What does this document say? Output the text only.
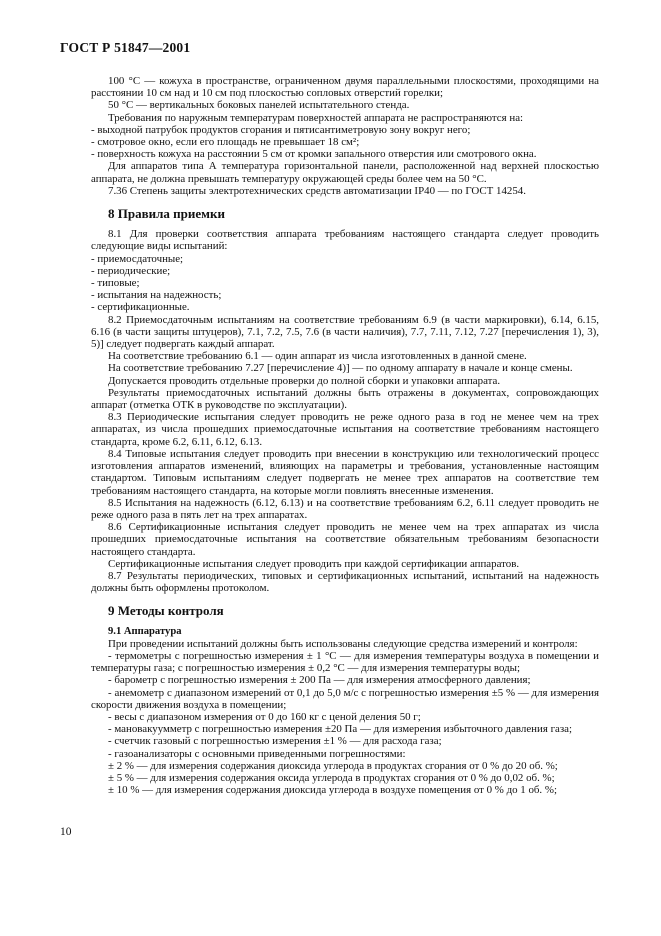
ГОСТ Р 51847—2001

100 °С — кожуха в пространстве, ограниченном двумя параллельными плоскостями, проходящими на расстоянии 10 см над и 10 см под плоскостью сопловых отверстий горелки;

50 °С — вертикальных боковых панелей испытательного стенда.

Требования по наружным температурам поверхностей аппарата не распространяются на:

- выходной патрубок продуктов сгорания и пятисантиметровую зону вокруг него;

- смотровое окно, если его площадь не превышает 18 см²;

- поверхность кожуха на расстоянии 5 см от кромки запального отверстия или смотрового окна.

Для аппаратов типа А температура горизонтальной панели, расположенной над верхней плоскостью аппарата, не должна превышать температуру окружающей среды более чем на 50 °С.

7.36 Степень защиты электротехнических средств автоматизации IP40 — по ГОСТ 14254.

8 Правила приемки

8.1 Для проверки соответствия аппарата требованиям настоящего стандарта следует проводить следующие виды испытаний:

- приемосдаточные;

- периодические;

- типовые;

- испытания на надежность;

- сертификационные.

8.2 Приемосдаточным испытаниям на соответствие требованиям 6.9 (в части маркировки), 6.14, 6.15, 6.16 (в части защиты штуцеров), 7.1, 7.2, 7.5, 7.6 (в части наличия), 7.7, 7.11, 7.12, 7.27 [перечисления 1), 3), 5)] следует подвергать каждый аппарат.

На соответствие требованию 6.1 — один аппарат из числа изготовленных в данной смене.

На соответствие требованию 7.27 [перечисление 4)] — по одному аппарату в начале и конце смены.

Допускается проводить отдельные проверки до полной сборки и упаковки аппарата.

Результаты приемосдаточных испытаний должны быть отражены в документах, сопровождающих аппарат (отметка ОТК в руководстве по эксплуатации).

8.3 Периодические испытания следует проводить не реже одного раза в год не менее чем на трех аппаратах, из числа прошедших приемосдаточные испытания на соответствие требованиям настоящего стандарта, кроме 6.2, 6.11, 6.12, 6.13.

8.4 Типовые испытания следует проводить при внесении в конструкцию или технологический процесс изготовления аппаратов изменений, влияющих на параметры и требования, установленные настоящим стандартом. Типовым испытаниям следует подвергать не менее трех аппаратов на соответствие тем требованиям настоящего стандарта, на которые могли повлиять внесенные изменения.

8.5 Испытания на надежность (6.12, 6.13) и на соответствие требованиям 6.2, 6.11 следует проводить не реже одного раза в пять лет на трех аппаратах.

8.6 Сертификационные испытания следует проводить не менее чем на трех аппаратах из числа прошедших приемосдаточные испытания на соответствие обязательным требованиям безопасности настоящего стандарта.

Сертификационные испытания следует проводить при каждой сертификации аппаратов.

8.7 Результаты периодических, типовых и сертификационных испытаний, испытаний на надежность должны быть оформлены протоколом.

9 Методы контроля

9.1 Аппаратура

При проведении испытаний должны быть использованы следующие средства измерений и контроля:

- термометры с погрешностью измерения ± 1 °С — для измерения температуры воздуха в помещении и температуры газа; с погрешностью измерения ± 0,2 °С — для измерения температуры воды;

- барометр с погрешностью измерения ± 200 Па — для измерения атмосферного давления;

- анемометр с диапазоном измерений от 0,1 до 5,0 м/с с погрешностью измерения ±5 % — для измерения скорости движения воздуха в помещении;

- весы с диапазоном измерения от 0 до 160 кг с ценой деления 50 г;

- мановакуумметр с погрешностью измерения ±20 Па — для измерения избыточного давления газа;

- счетчик газовый с погрешностью измерения ±1 % — для расхода газа;

- газоанализаторы с основными приведенными погрешностями:

± 2 % — для измерения содержания диоксида углерода в продуктах сгорания от 0 % до 20 об. %;

± 5 % — для измерения содержания оксида углерода в продуктах сгорания от 0 % до 0,02 об. %;

± 10 % — для измерения содержания диоксида углерода в воздухе помещения от 0 % до 1 об. %;

10
